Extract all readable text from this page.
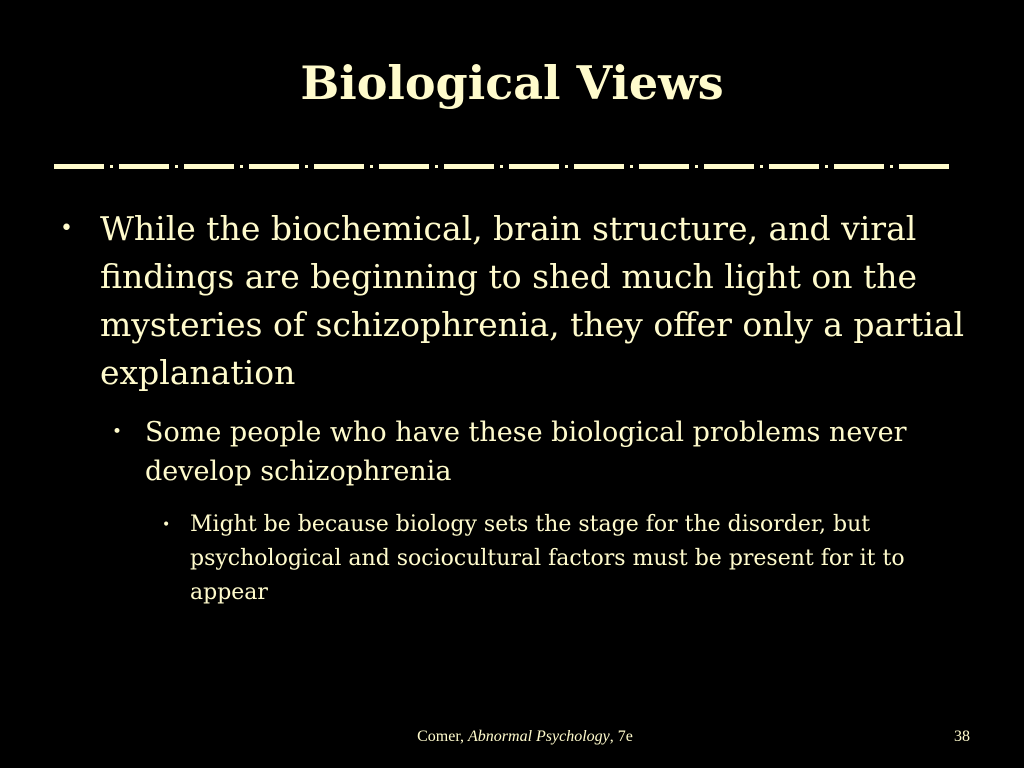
Biological Views
• While the biochemical, brain structure, and viral findings are beginning to shed much light on the mysteries of schizophrenia, they offer only a partial explanation
• Some people who have these biological problems never develop schizophrenia
• Might be because biology sets the stage for the disorder, but psychological and sociocultural factors must be present for it to appear
Comer, Abnormal Psychology, 7e	38
